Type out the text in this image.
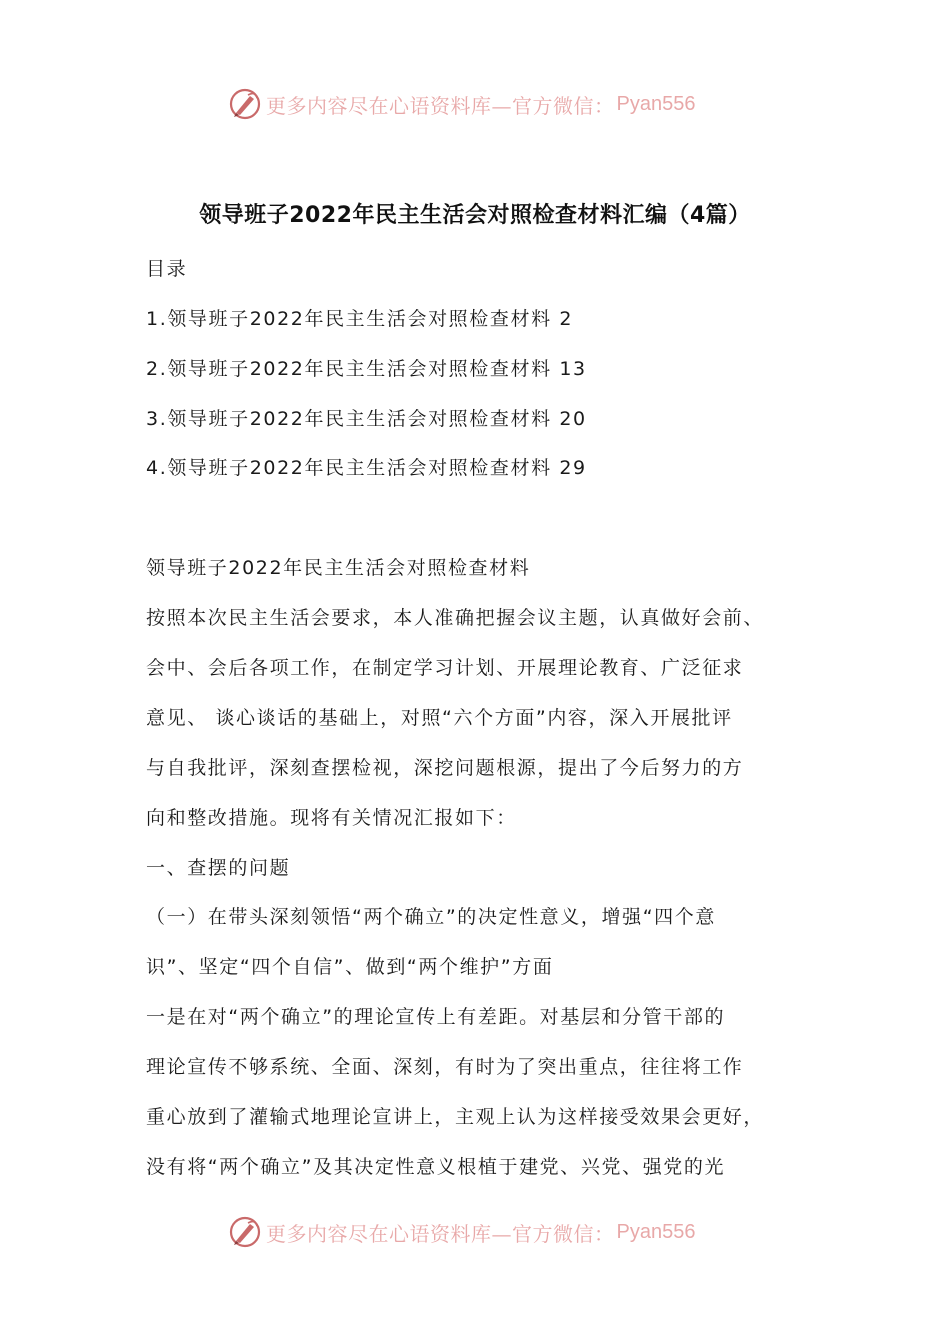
更多内容尽在心语资料库—官方微信： Pyan556
领导班子2022年民主生活会对照检查材料汇编（4篇）
目录
1.领导班子2022年民主生活会对照检查材料 2
2.领导班子2022年民主生活会对照检查材料 13
3.领导班子2022年民主生活会对照检查材料 20
4.领导班子2022年民主生活会对照检查材料 29
领导班子2022年民主生活会对照检查材料
按照本次民主生活会要求，本人准确把握会议主题，认真做好会前、
会中、会后各项工作，在制定学习计划、开展理论教育、广泛征求
意见、 谈心谈话的基础上，对照“六个方面”内容，深入开展批评
与自我批评，深刻查摆检视，深挖问题根源，提出了今后努力的方
向和整改措施。现将有关情况汇报如下：
一、查摆的问题
（一）在带头深刻领悟“两个确立”的决定性意义，增强“四个意
识”、坚定“四个自信”、做到“两个维护”方面
一是在对“两个确立”的理论宣传上有差距。对基层和分管干部的
理论宣传不够系统、全面、深刻，有时为了突出重点，往往将工作
重心放到了灌输式地理论宣讲上，主观上认为这样接受效果会更好，
没有将“两个确立”及其决定性意义根植于建党、兴党、强党的光
更多内容尽在心语资料库—官方微信： Pyan556
